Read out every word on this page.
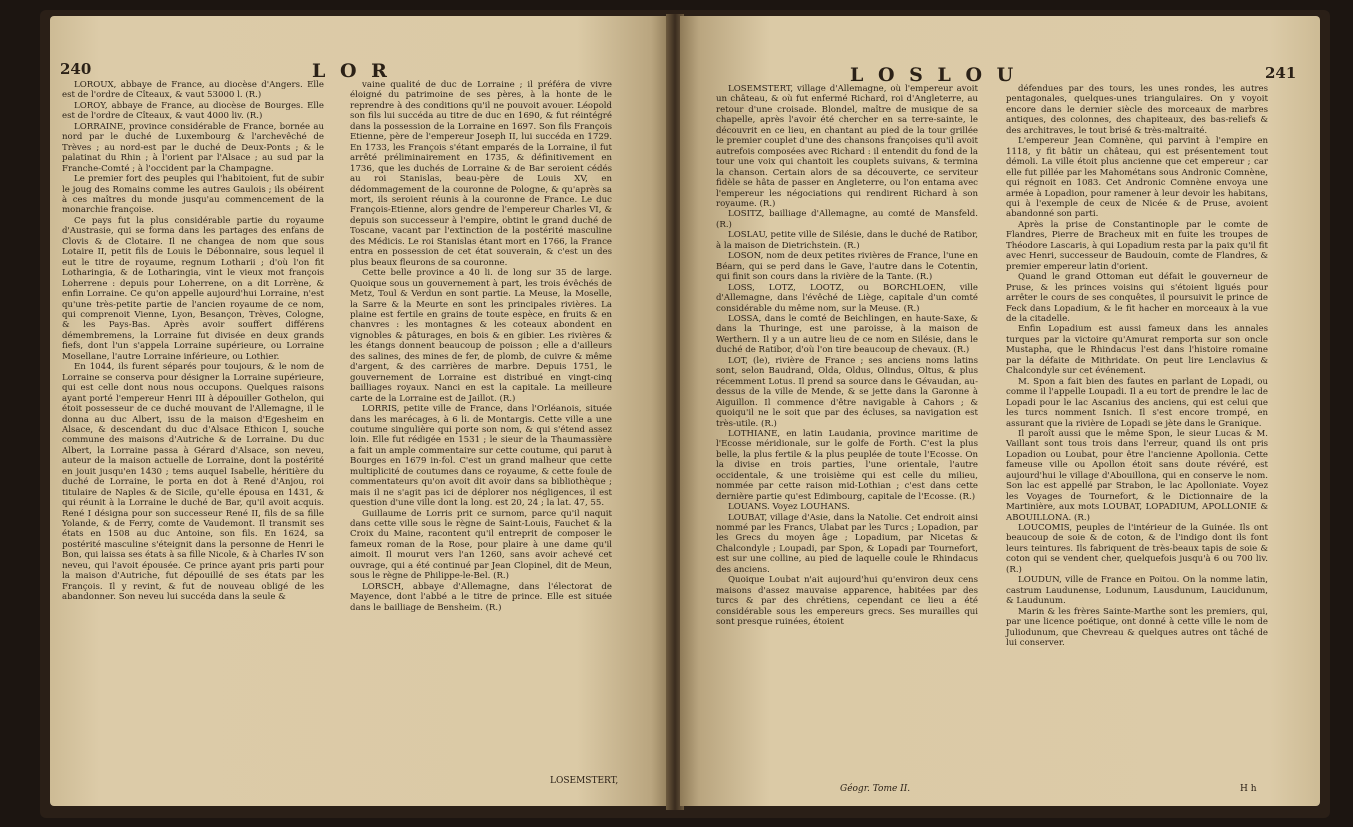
240	L O R

LOROUX, abbaye de France, au diocèse d'Angers. Elle est de l'ordre de Cîteaux, & vaut 53000 l. (R.)

LOROY, abbaye de France, au diocèse de Bourges. Elle est de l'ordre de Cîteaux, & vaut 4000 liv. (R.)

LORRAINE, province considérable de France, bornée au nord par le duché de Luxembourg & l'archevêché de Trèves ; au nord-est par le duché de Deux-Ponts ; & le palatinat du Rhin ; à l'orient par l'Alsace ; au sud par la Franche-Comté ; à l'occident par la Champagne.

Le premier fort des peuples qui l'habitoient, fut de subir le joug des Romains comme les autres Gaulois ; ils obéirent à ces maîtres du monde jusqu'au commencement de la monarchie françoise.

Ce pays fut la plus considérable partie du royaume d'Austrasie, qui se forma dans les partages des enfans de Clovis & de Clotaire. Il ne changea de nom que sous Lotaire II, petit fils de Louis le Débonnaire, sous lequel il eut le titre de royaume, regnum Lotharii ; d'où l'on fit Lotharingia, & de Lotharingia, vint le vieux mot françois Loherrene : depuis pour Loherrene, on a dit Lorrène, & enfin Lorraine. Ce qu'on appelle aujourd'hui Lorraine, n'est qu'une très-petite partie de l'ancien royaume de ce nom, qui comprenoit Vienne, Lyon, Besançon, Trèves, Cologne, & les Pays-Bas. Après avoir souffert différens démembremens, la Lorraine fut divisée en deux grands fiefs, dont l'un s'appela Lorraine supérieure, ou Lorraine Mosellane, l'autre Lorraine inférieure, ou Lothier.

En 1044, ils furent séparés pour toujours, & le nom de Lorraine se conserva pour désigner la Lorraine supérieure, qui est celle dont nous nous occupons. Quelques raisons ayant porté l'empereur Henri III à dépouiller Gothelon, qui étoit possesseur de ce duché mouvant de l'Allemagne, il le donna au duc Albert, issu de la maison d'Egesheim en Alsace, & descendant du duc d'Alsace Ethicon I, souche commune des maisons d'Autriche & de Lorraine. Du duc Albert, la Lorraine passa à Gérard d'Alsace, son neveu, auteur de la maison actuelle de Lorraine, dont la postérité en jouit jusqu'en 1430 ; tems auquel Isabelle, héritière du duché de Lorraine, le porta en dot à René d'Anjou, roi titulaire de Naples & de Sicile, qu'elle épousa en 1431, & qui réunit à la Lorraine le duché de Bar, qu'il avoit acquis. René I désigna pour son successeur René II, fils de sa fille Yolande, & de Ferry, comte de Vaudemont. Il transmit ses états en 1508 au duc Antoine, son fils. En 1624, sa postérité masculine s'éteignit dans la personne de Henri le Bon, qui laissa ses états à sa fille Nicole, & à Charles IV son neveu, qui l'avoit épousée. Ce prince ayant pris parti pour la maison d'Autriche, fut dépouillé de ses états par les François. Il y revint, & fut de nouveau obligé de les abandonner. Son neveu lui succéda dans la seule &

vaine qualité de duc de Lorraine ; il préféra de vivre éloigné du patrimoine de ses pères, à la honte de le reprendre à des conditions qu'il ne pouvoit avouer. Léopold son fils lui succéda au titre de duc en 1690, & fut réintégré dans la possession de la Lorraine en 1697. Son fils François Etienne, père de l'empereur Joseph II, lui succéda en 1729. En 1733, les François s'étant emparés de la Lorraine, il fut arrêté préliminairement en 1735, & définitivement en 1736, que les duchés de Lorraine & de Bar seroient cédés au roi Stanislas, beau-père de Louis XV, en dédommagement de la couronne de Pologne, & qu'après sa mort, ils seroient réunis à la couronne de France. Le duc François-Etienne, alors gendre de l'empereur Charles VI, & depuis son successeur à l'empire, obtint le grand duché de Toscane, vacant par l'extinction de la postérité masculine des Médicis. Le roi Stanislas étant mort en 1766, la France entra en possession de cet état souverain, & c'est un des plus beaux fleurons de sa couronne.

Cette belle province a 40 li. de long sur 35 de large. Quoique sous un gouvernement à part, les trois évêchés de Metz, Toul & Verdun en sont partie. La Meuse, la Moselle, la Sarre & la Meurte en sont les principales rivières. La plaine est fertile en grains de toute espèce, en fruits & en chanvres : les montagnes & les coteaux abondent en vignobles & pâturages, en bois & en gibier. Les rivières & les étangs donnent beaucoup de poisson ; elle a d'ailleurs des salines, des mines de fer, de plomb, de cuivre & même d'argent, & des carrières de marbre. Depuis 1751, le gouvernement de Lorraine est distribué en vingt-cinq bailliages royaux. Nanci en est la capitale. La meilleure carte de la Lorraine est de Jaillot. (R.)

LORRIS, petite ville de France, dans l'Orléanois, située dans les marécages, à 6 li. de Montargis. Cette ville a une coutume singulière qui porte son nom, & qui s'étend assez loin. Elle fut rédigée en 1531 ; le sieur de la Thaumassière a fait un ample commentaire sur cette coutume, qui parut à Bourges en 1679 in-fol. C'est un grand malheur que cette multiplicité de coutumes dans ce royaume, & cette foule de commentateurs qu'on avoit dit avoir dans sa bibliothèque ; mais il ne s'agit pas ici de déplorer nos négligences, il est question d'une ville dont la long. est 20, 24 ; la lat. 47, 55.

Guillaume de Lorris prit ce surnom, parce qu'il naquit dans cette ville sous le règne de Saint-Louis, Fauchet & la Croix du Maine, racontent qu'il entreprit de composer le fameux roman de la Rose, pour plaire à une dame qu'il aimoit. Il mourut vers l'an 1260, sans avoir achevé cet ouvrage, qui a été continué par Jean Clopinel, dit de Meun, sous le règne de Philippe-le-Bel. (R.)

LORSCH, abbaye d'Allemagne, dans l'électorat de Mayence, dont l'abbé a le titre de prince. Elle est située dans le bailliage de Bensheim. (R.)

LOSEMSTERT,
L O S L O U	241

LOSEMSTERT, village d'Allemagne, où l'empereur avoit un château, & où fut enfermé Richard, roi d'Angleterre, au retour d'une croisade. Blondel, maître de musique de sa chapelle, après l'avoir été chercher en sa terre-sainte, le découvrit en ce lieu, en chantant au pied de la tour grillée le premier couplet d'une des chansons françoises qu'il avoit autrefois composées avec Richard : il entendit du fond de la tour une voix qui chantoit les couplets suivans, & termina la chanson. Certain alors de sa découverte, ce serviteur fidèle se hâta de passer en Angleterre, ou l'on entama avec l'empereur les négociations qui rendirent Richard à son royaume. (R.)

LOSITZ, bailliage d'Allemagne, au comté de Mansfeld. (R.)

LOSLAU, petite ville de Silésie, dans le duché de Ratibor, à la maison de Dietrichstein. (R.)

LOSON, nom de deux petites rivières de France, l'une en Béarn, qui se perd dans le Gave, l'autre dans le Cotentin, qui finit son cours dans la rivière de la Tante. (R.)

LOSS, LOTZ, LOOTZ, ou BORCHLOEN, ville d'Allemagne, dans l'évêché de Liège, capitale d'un comté considérable du même nom, sur la Meuse. (R.)

LOSSA, dans le comté de Beichlingen, en haute-Saxe, & dans la Thuringe, est une paroisse, à la maison de Werthern. Il y a un autre lieu de ce nom en Silésie, dans le duché de Ratibor, d'où l'on tire beaucoup de chevaux. (R.)

LOT, (le), rivière de France ; ses anciens noms latins sont, selon Baudrand, Olda, Oldus, Olindus, Oltus, & plus récemment Lotus. Il prend sa source dans le Gévaudan, au-dessus de la ville de Mende, & se jette dans la Garonne à Aiguillon. Il commence d'être navigable à Cahors ; & quoiqu'il ne le soit que par des écluses, sa navigation est très-utile. (R.)

LOTHIANE, en latin Laudania, province maritime de l'Ecosse méridionale, sur le golfe de Forth. C'est la plus belle, la plus fertile & la plus peuplée de toute l'Ecosse. On la divise en trois parties, l'une orientale, l'autre occidentale, & une troisième qui est celle du milieu, nommée par cette raison mid-Lothian ; c'est dans cette dernière partie qu'est Edimbourg, capitale de l'Ecosse. (R.)

LOUANS. Voyez LOUHANS.

LOUBAT, village d'Asie, dans la Natolie. Cet endroit ainsi nommé par les Francs, Ulabat par les Turcs ; Lopadion, par les Grecs du moyen âge ; Lopadium, par Nicetas & Chalcondyle ; Loupadi, par Spon, & Lopadi par Tournefort, est sur une colline, au pied de laquelle coule le Rhindacus des anciens.

Quoique Loubat n'ait aujourd'hui qu'environ deux cens maisons d'assez mauvaise apparence, habitées par des turcs & par des chrétiens, cependant ce lieu a été considérable sous les empereurs grecs. Ses murailles qui sont presque ruinées, étoient

défendues par des tours, les unes rondes, les autres pentagonales, quelques-unes triangulaires. On y voyoit encore dans le dernier siècle des morceaux de marbres antiques, des colonnes, des chapiteaux, des bas-reliefs & des architraves, le tout brisé & très-maltraité.

L'empereur Jean Comnène, qui parvint à l'empire en 1118, y fit bâtir un château, qui est présentement tout démoli. La ville étoit plus ancienne que cet empereur ; car elle fut pillée par les Mahométans sous Andronic Comnène, qui régnoit en 1083. Cet Andronic Comnène envoya une armée à Lopadion, pour ramener à leur devoir les habitans, qui à l'exemple de ceux de Nicée & de Pruse, avoient abandonné son parti.

Après la prise de Constantinople par le comte de Flandres, Pierre de Bracheux mit en fuite les troupes de Théodore Lascaris, à qui Lopadium resta par la paix qu'il fit avec Henri, successeur de Baudouin, comte de Flandres, & premier empereur latin d'orient.

Quand le grand Ottoman eut défait le gouverneur de Pruse, & les princes voisins qui s'étoient ligués pour arrêter le cours de ses conquêtes, il poursuivit le prince de Feck dans Lopadium, & le fit hacher en morceaux à la vue de la citadelle.

Enfin Lopadium est aussi fameux dans les annales turques par la victoire qu'Amurat remporta sur son oncle Mustapha, que le Rhindacus l'est dans l'histoire romaine par la défaite de Mithridate. On peut lire Lenclavius & Chalcondyle sur cet événement.

M. Spon a fait bien des fautes en parlant de Lopadi, ou comme il l'appelle Loupadi. Il a eu tort de prendre le lac de Lopadi pour le lac Ascanius des anciens, qui est celui que les turcs nomment Isnich. Il s'est encore trompé, en assurant que la rivière de Lopadi se jète dans le Granique.

Il paroît aussi que le même Spon, le sieur Lucas & M. Vaillant sont tous trois dans l'erreur, quand ils ont pris Lopadion ou Loubat, pour être l'ancienne Apollonia. Cette fameuse ville ou Apollon étoit sans doute révéré, est aujourd'hui le village d'Abouillona, qui en conserve le nom. Son lac est appellé par Strabon, le lac Apolloniate. Voyez les Voyages de Tournefort, & le Dictionnaire de la Martinière, aux mots LOUBAT, LOPADIUM, APOLLONIE & ABOUILLONA. (R.)

LOUCOMIS, peuples de l'intérieur de la Guinée. Ils ont beaucoup de soie & de coton, & de l'indigo dont ils font leurs teintures. Ils fabriquent de très-beaux tapis de soie & coton qui se vendent cher, quelquefois jusqu'à 6 ou 700 liv. (R.)

LOUDUN, ville de France en Poitou. On la nomme latin, castrum Laudunense, Lodunum, Lausdunum, Laucidunum, & Laudunum.

Marin & les frères Sainte-Marthe sont les premiers, qui, par une licence poétique, ont donné à cette ville le nom de Juliodunum, que Chevreau & quelques autres ont tâché de lui conserver.

Géogr. Tome II.	H h
